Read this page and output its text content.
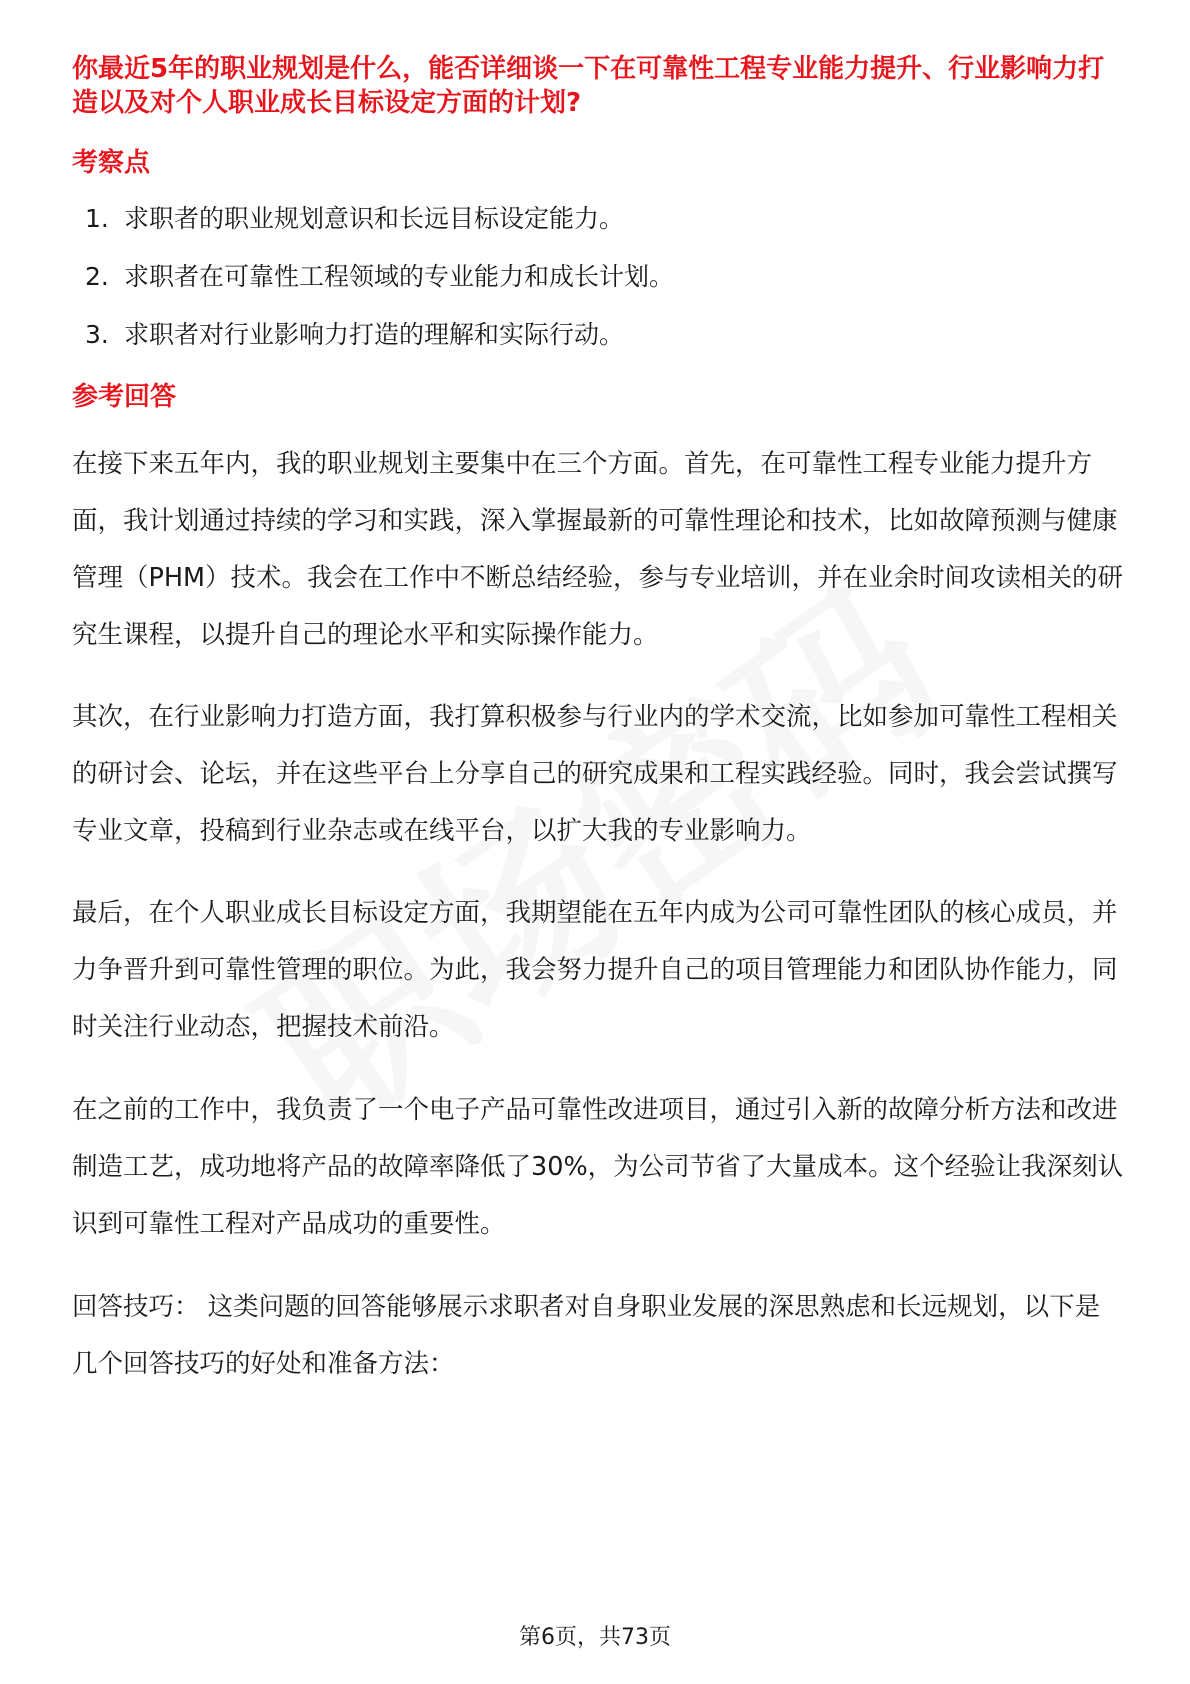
你最近5年的职业规划是什么，能否详细谈一下在可靠性工程专业能力提升、行业影响力打造以及对个人职业成长目标设定方面的计划?

考察点

1. 求职者的职业规划意识和长远目标设定能力。
2. 求职者在可靠性工程领域的专业能力和成长计划。
3. 求职者对行业影响力打造的理解和实际行动。

参考回答

在接下来五年内，我的职业规划主要集中在三个方面。首先，在可靠性工程专业能力提升方面，我计划通过持续的学习和实践，深入掌握最新的可靠性理论和技术，比如故障预测与健康管理（PHM）技术。我会在工作中不断总结经验，参与专业培训，并在业余时间攻读相关的研究生课程，以提升自己的理论水平和实际操作能力。

其次，在行业影响力打造方面，我打算积极参与行业内的学术交流，比如参加可靠性工程相关的研讨会、论坛，并在这些平台上分享自己的研究成果和工程实践经验。同时，我会尝试撰写专业文章，投稿到行业杂志或在线平台，以扩大我的专业影响力。

最后，在个人职业成长目标设定方面，我期望能在五年内成为公司可靠性团队的核心成员，并力争晋升到可靠性管理的职位。为此，我会努力提升自己的项目管理能力和团队协作能力，同时关注行业动态，把握技术前沿。

在之前的工作中，我负责了一个电子产品可靠性改进项目，通过引入新的故障分析方法和改进制造工艺，成功地将产品的故障率降低了30%，为公司节省了大量成本。这个经验让我深刻认识到可靠性工程对产品成功的重要性。

回答技巧： 这类问题的回答能够展示求职者对自身职业发展的深思熟虑和长远规划，以下是几个回答技巧的好处和准备方法：

第6页，共73页
